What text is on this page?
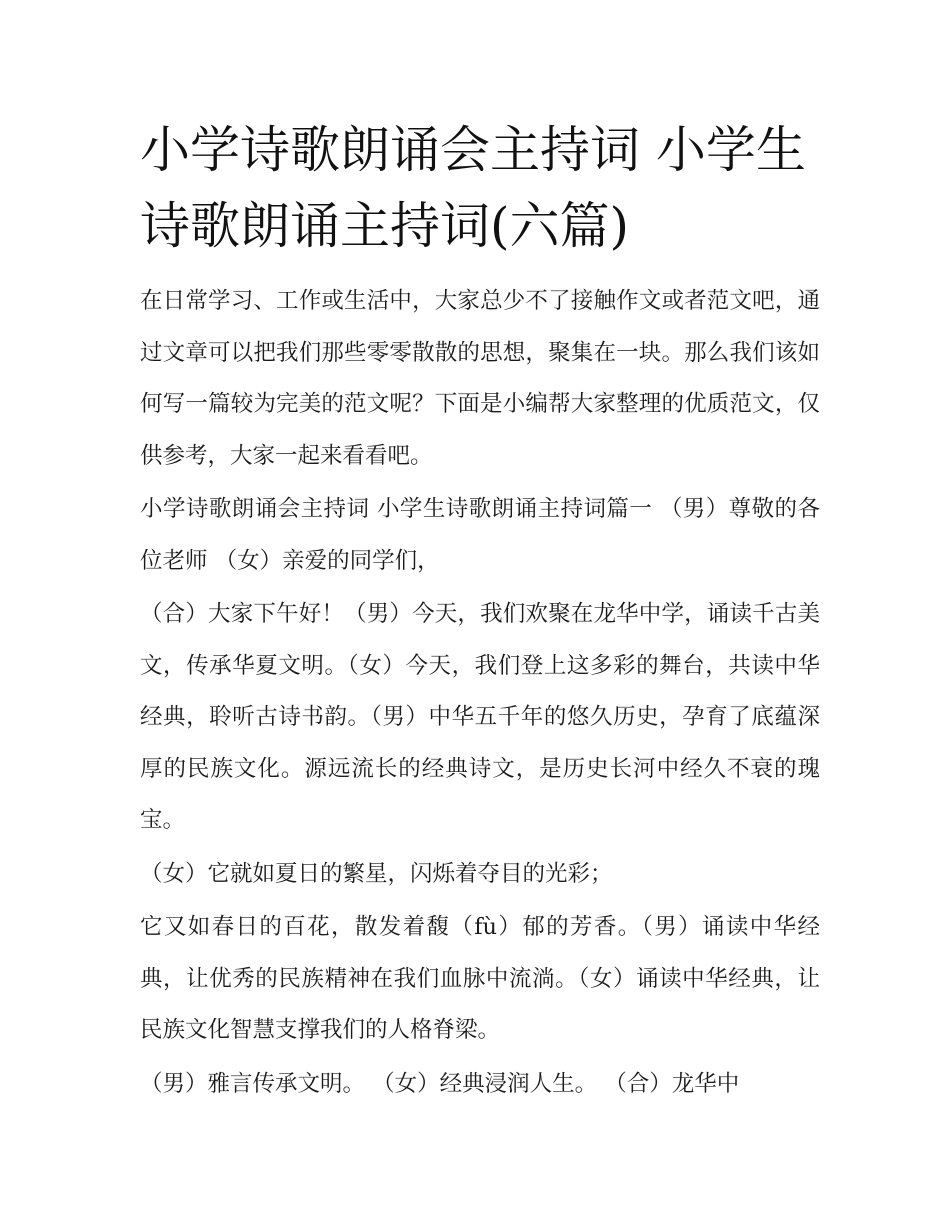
小学诗歌朗诵会主持词 小学生诗歌朗诵主持词(六篇)

在日常学习、工作或生活中，大家总少不了接触作文或者范文吧，通过文章可以把我们那些零零散散的思想，聚集在一块。那么我们该如何写一篇较为完美的范文呢？下面是小编帮大家整理的优质范文，仅供参考，大家一起来看看吧。

小学诗歌朗诵会主持词 小学生诗歌朗诵主持词篇一 （男）尊敬的各位老师 （女）亲爱的同学们，

（合）大家下午好！（男）今天，我们欢聚在龙华中学，诵读千古美文，传承华夏文明。（女）今天，我们登上这多彩的舞台，共读中华经典，聆听古诗书韵。（男）中华五千年的悠久历史，孕育了底蕴深厚的民族文化。源远流长的经典诗文，是历史长河中经久不衰的瑰宝。

（女）它就如夏日的繁星，闪烁着夺目的光彩；

它又如春日的百花，散发着馥（fù）郁的芳香。（男）诵读中华经典，让优秀的民族精神在我们血脉中流淌。（女）诵读中华经典，让民族文化智慧支撑我们的人格脊梁。

（男）雅言传承文明。 （女）经典浸润人生。 （合）龙华中
